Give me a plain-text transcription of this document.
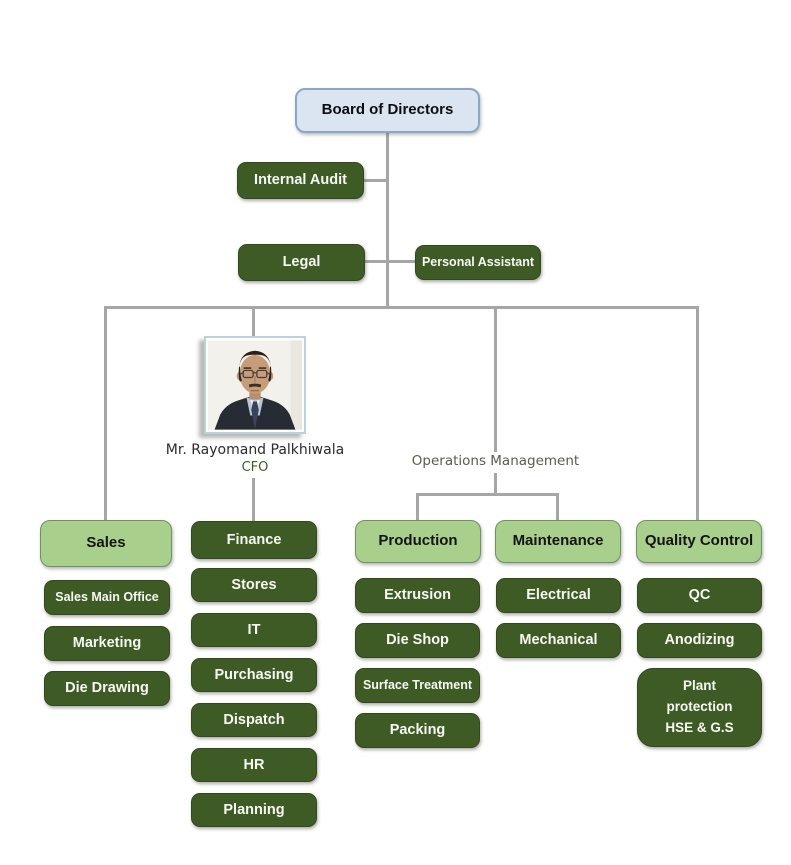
Board of Directors
Internal Audit
Legal	Personal Assistant
Mr. Rayomand Palkhiwala
CFO	Operations Management
Sales	Finance	Production	Maintenance	Quality Control
Sales Main Office
Marketing
Die Drawing
Stores
IT
Purchasing
Dispatch
HR
Planning
Extrusion
Die Shop
Surface Treatment
Packing
Electrical
Mechanical
QC
Anodizing
Plant protection HSE & G.S
